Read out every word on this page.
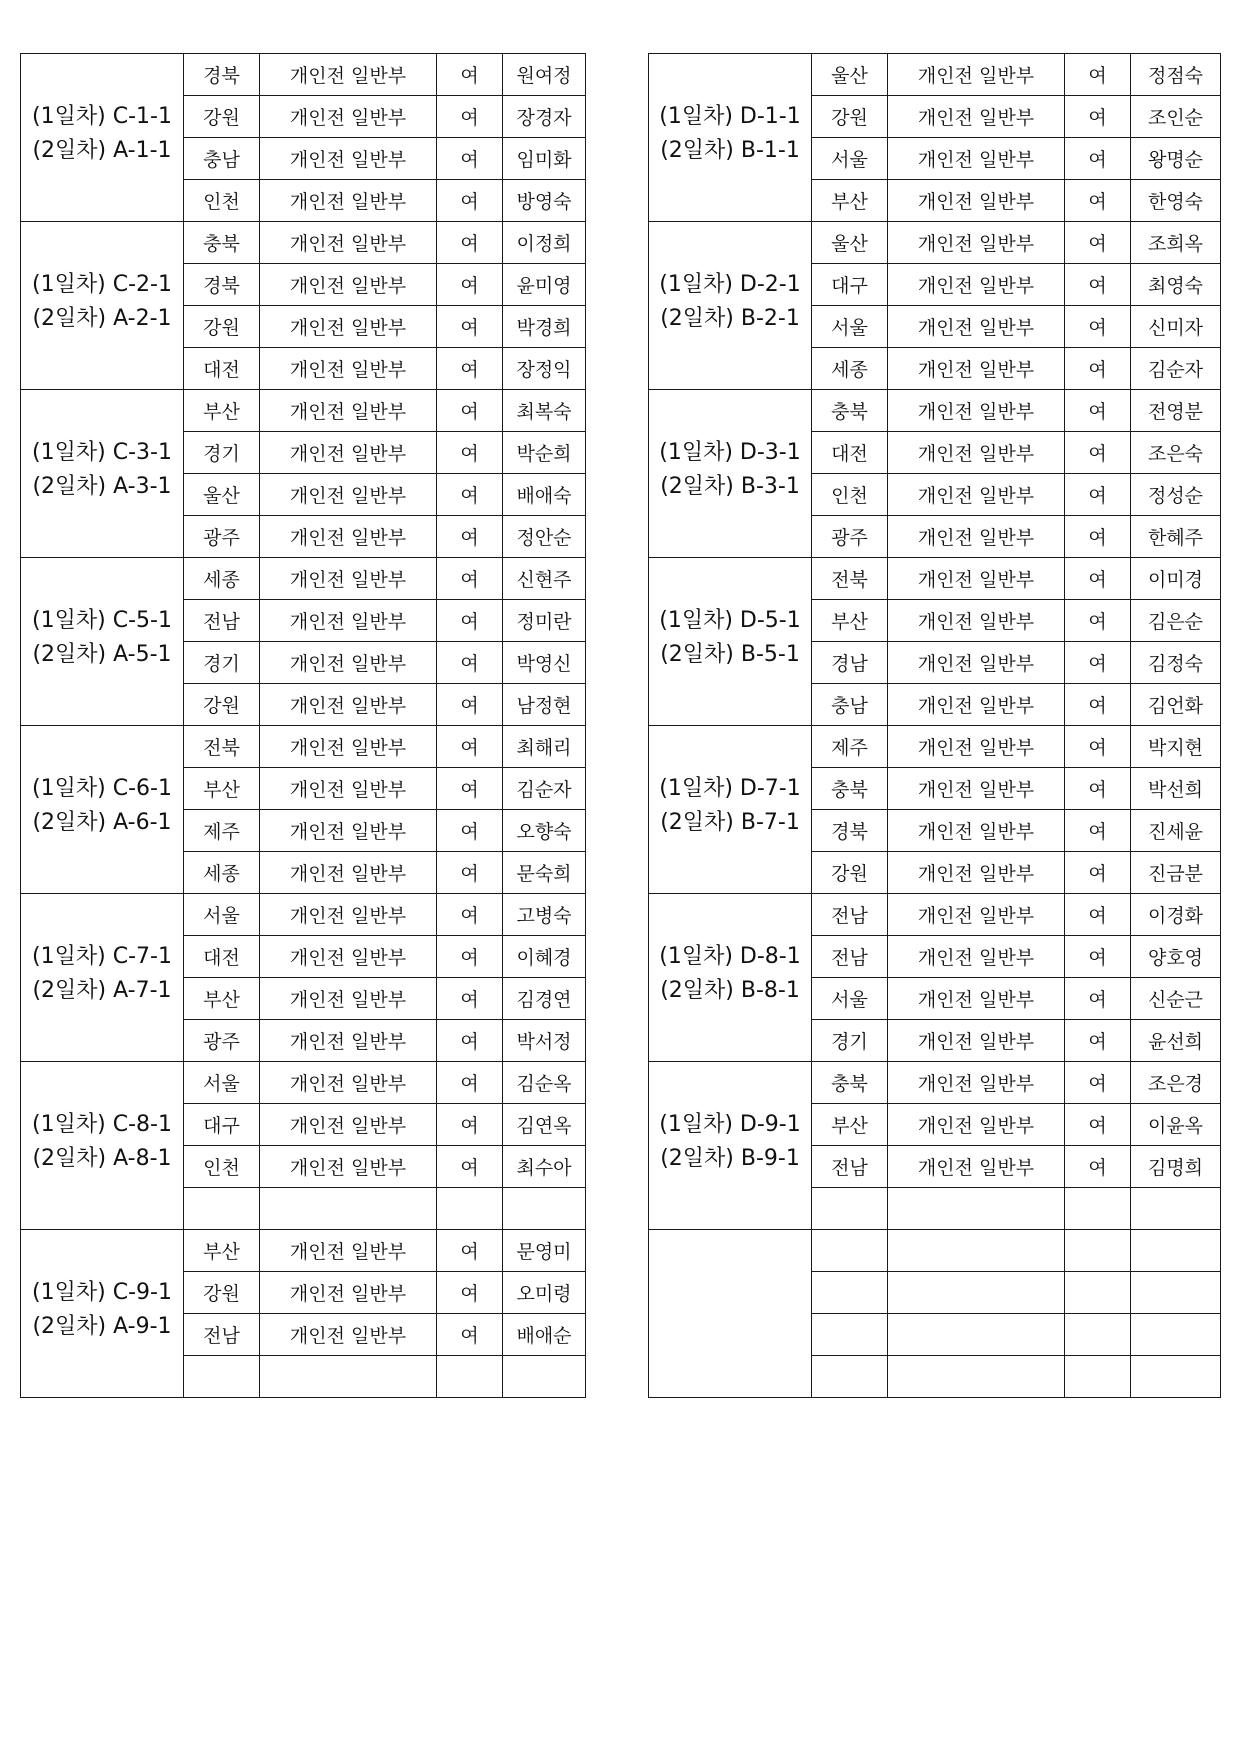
(1일차) C-1-1
(2일차) A-1-1	경북	개인전 일반부	여	원여정
	강원	개인전 일반부	여	장경자
	충남	개인전 일반부	여	임미화
	인천	개인전 일반부	여	방영숙

(1일차) C-2-1
(2일차) A-2-1	충북	개인전 일반부	여	이정희
	경북	개인전 일반부	여	윤미영
	강원	개인전 일반부	여	박경희
	대전	개인전 일반부	여	장정익

(1일차) C-3-1
(2일차) A-3-1	부산	개인전 일반부	여	최복숙
	경기	개인전 일반부	여	박순희
	울산	개인전 일반부	여	배애숙
	광주	개인전 일반부	여	정안순

(1일차) C-5-1
(2일차) A-5-1	세종	개인전 일반부	여	신현주
	전남	개인전 일반부	여	정미란
	경기	개인전 일반부	여	박영신
	강원	개인전 일반부	여	남정현

(1일차) C-6-1
(2일차) A-6-1	전북	개인전 일반부	여	최해리
	부산	개인전 일반부	여	김순자
	제주	개인전 일반부	여	오향숙
	세종	개인전 일반부	여	문숙희

(1일차) C-7-1
(2일차) A-7-1	서울	개인전 일반부	여	고병숙
	대전	개인전 일반부	여	이혜경
	부산	개인전 일반부	여	김경연
	광주	개인전 일반부	여	박서정

(1일차) C-8-1
(2일차) A-8-1	서울	개인전 일반부	여	김순옥
	대구	개인전 일반부	여	김연옥
	인천	개인전 일반부	여	최수아

(1일차) C-9-1
(2일차) A-9-1	부산	개인전 일반부	여	문영미
	강원	개인전 일반부	여	오미령
	전남	개인전 일반부	여	배애순

(1일차) D-1-1
(2일차) B-1-1	울산	개인전 일반부	여	정점숙
	강원	개인전 일반부	여	조인순
	서울	개인전 일반부	여	왕명순
	부산	개인전 일반부	여	한영숙

(1일차) D-2-1
(2일차) B-2-1	울산	개인전 일반부	여	조희옥
	대구	개인전 일반부	여	최영숙
	서울	개인전 일반부	여	신미자
	세종	개인전 일반부	여	김순자

(1일차) D-3-1
(2일차) B-3-1	충북	개인전 일반부	여	전영분
	대전	개인전 일반부	여	조은숙
	인천	개인전 일반부	여	정성순
	광주	개인전 일반부	여	한혜주

(1일차) D-5-1
(2일차) B-5-1	전북	개인전 일반부	여	이미경
	부산	개인전 일반부	여	김은순
	경남	개인전 일반부	여	김정숙
	충남	개인전 일반부	여	김언화

(1일차) D-7-1
(2일차) B-7-1	제주	개인전 일반부	여	박지현
	충북	개인전 일반부	여	박선희
	경북	개인전 일반부	여	진세윤
	강원	개인전 일반부	여	진금분

(1일차) D-8-1
(2일차) B-8-1	전남	개인전 일반부	여	이경화
	전남	개인전 일반부	여	양호영
	서울	개인전 일반부	여	신순근
	경기	개인전 일반부	여	윤선희

(1일차) D-9-1
(2일차) B-9-1	충북	개인전 일반부	여	조은경
	부산	개인전 일반부	여	이윤옥
	전남	개인전 일반부	여	김명희
